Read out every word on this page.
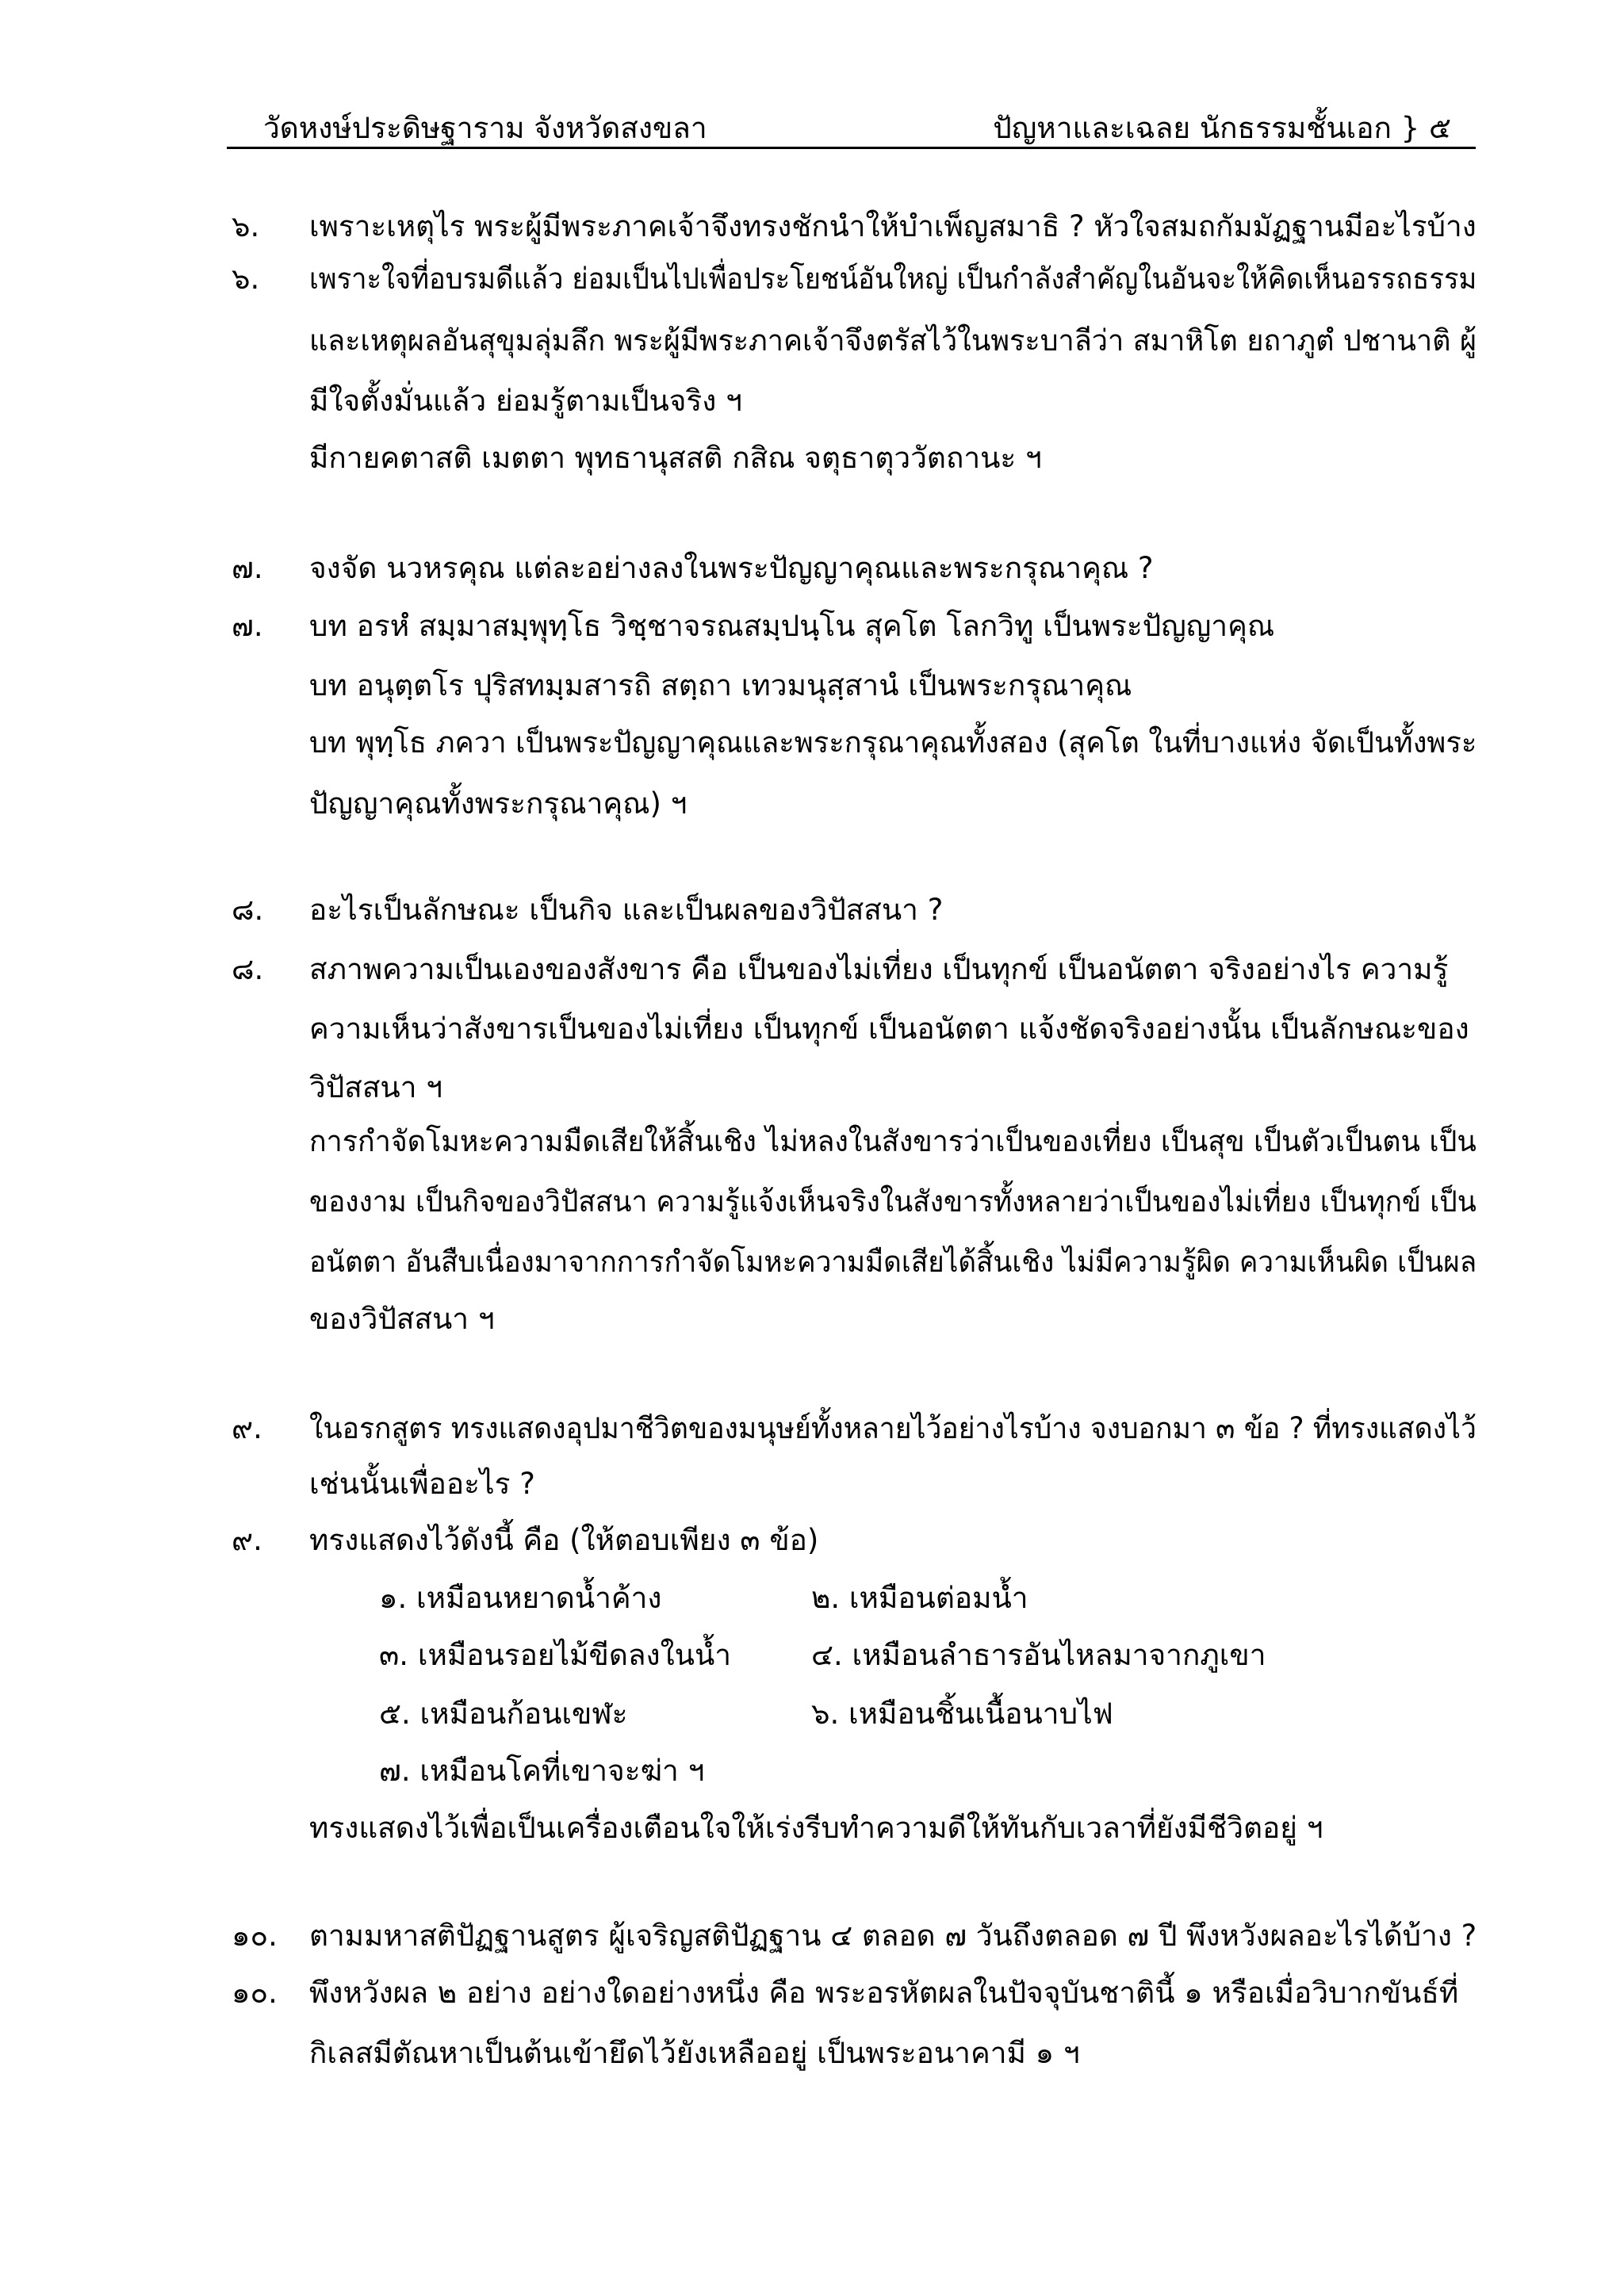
วัดหงษ์ประดิษฐาราม จังหวัดสงขลา	ปัญหาและเฉลย นักธรรมชั้นเอก } ๕
๖. เพราะเหตุไร พระผู้มีพระภาคเจ้าจึงทรงชักนำให้บำเพ็ญสมาธิ ? หัวใจสมถกัมมัฏฐานมีอะไรบ้าง
๖. เพราะใจที่อบรมดีแล้ว ย่อมเป็นไปเพื่อประโยชน์อันใหญ่ เป็นกำลังสำคัญในอันจะให้คิดเห็นอรรถธรรม
และเหตุผลอันสุขุมลุ่มลึก พระผู้มีพระภาคเจ้าจึงตรัสไว้ในพระบาลีว่า สมาหิโต ยถาภูตํ ปชานาติ ผู้
มีใจตั้งมั่นแล้ว ย่อมรู้ตามเป็นจริง ฯ
มีกายคตาสติ เมตตา พุทธานุสสติ กสิณ จตุธาตุววัตถานะ ฯ
๗. จงจัด นวหรคุณ แต่ละอย่างลงในพระปัญญาคุณและพระกรุณาคุณ ?
๗. บท อรหํ สมฺมาสมฺพุทฺโธ วิชฺชาจรณสมฺปนฺโน สุคโต โลกวิทู เป็นพระปัญญาคุณ
บท อนุตฺตโร ปุริสทมฺมสารถิ สตฺถา เทวมนุสฺสานํ เป็นพระกรุณาคุณ
บท พุทฺโธ ภควา เป็นพระปัญญาคุณและพระกรุณาคุณทั้งสอง (สุคโต ในที่บางแห่ง จัดเป็นทั้งพระ
ปัญญาคุณทั้งพระกรุณาคุณ) ฯ
๘. อะไรเป็นลักษณะ เป็นกิจ และเป็นผลของวิปัสสนา ?
๘. สภาพความเป็นเองของสังขาร คือ เป็นของไม่เที่ยง เป็นทุกข์ เป็นอนัตตา จริงอย่างไร ความรู้
ความเห็นว่าสังขารเป็นของไม่เที่ยง เป็นทุกข์ เป็นอนัตตา แจ้งชัดจริงอย่างนั้น เป็นลักษณะของ
วิปัสสนา ฯ
การกำจัดโมหะความมืดเสียให้สิ้นเชิง ไม่หลงในสังขารว่าเป็นของเที่ยง เป็นสุข เป็นตัวเป็นตน เป็น
ของงาม เป็นกิจของวิปัสสนา ความรู้แจ้งเห็นจริงในสังขารทั้งหลายว่าเป็นของไม่เที่ยง เป็นทุกข์ เป็น
อนัตตา อันสืบเนื่องมาจากการกำจัดโมหะความมืดเสียได้สิ้นเชิง ไม่มีความรู้ผิด ความเห็นผิด เป็นผล
ของวิปัสสนา ฯ
๙. ในอรกสูตร ทรงแสดงอุปมาชีวิตของมนุษย์ทั้งหลายไว้อย่างไรบ้าง จงบอกมา ๓ ข้อ ? ที่ทรงแสดงไว้
เช่นนั้นเพื่ออะไร ?
๙. ทรงแสดงไว้ดังนี้ คือ (ให้ตอบเพียง ๓ ข้อ)
๑. เหมือนหยาดน้ำค้าง	๒. เหมือนต่อมน้ำ
๓. เหมือนรอยไม้ขีดลงในน้ำ	๔. เหมือนลำธารอันไหลมาจากภูเขา
๕. เหมือนก้อนเขฬะ	๖. เหมือนชิ้นเนื้อนาบไฟ
๗. เหมือนโคที่เขาจะฆ่า ฯ
ทรงแสดงไว้เพื่อเป็นเครื่องเตือนใจให้เร่งรีบทำความดีให้ทันกับเวลาที่ยังมีชีวิตอยู่ ฯ
๑๐. ตามมหาสติปัฏฐานสูตร ผู้เจริญสติปัฏฐาน ๔ ตลอด ๗ วันถึงตลอด ๗ ปี พึงหวังผลอะไรได้บ้าง ?
๑๐. พึงหวังผล ๒ อย่าง อย่างใดอย่างหนึ่ง คือ พระอรหัตผลในปัจจุบันชาตินี้ ๑ หรือเมื่อวิบากขันธ์ที่
กิเลสมีตัณหาเป็นต้นเข้ายึดไว้ยังเหลืออยู่ เป็นพระอนาคามี ๑ ฯ
